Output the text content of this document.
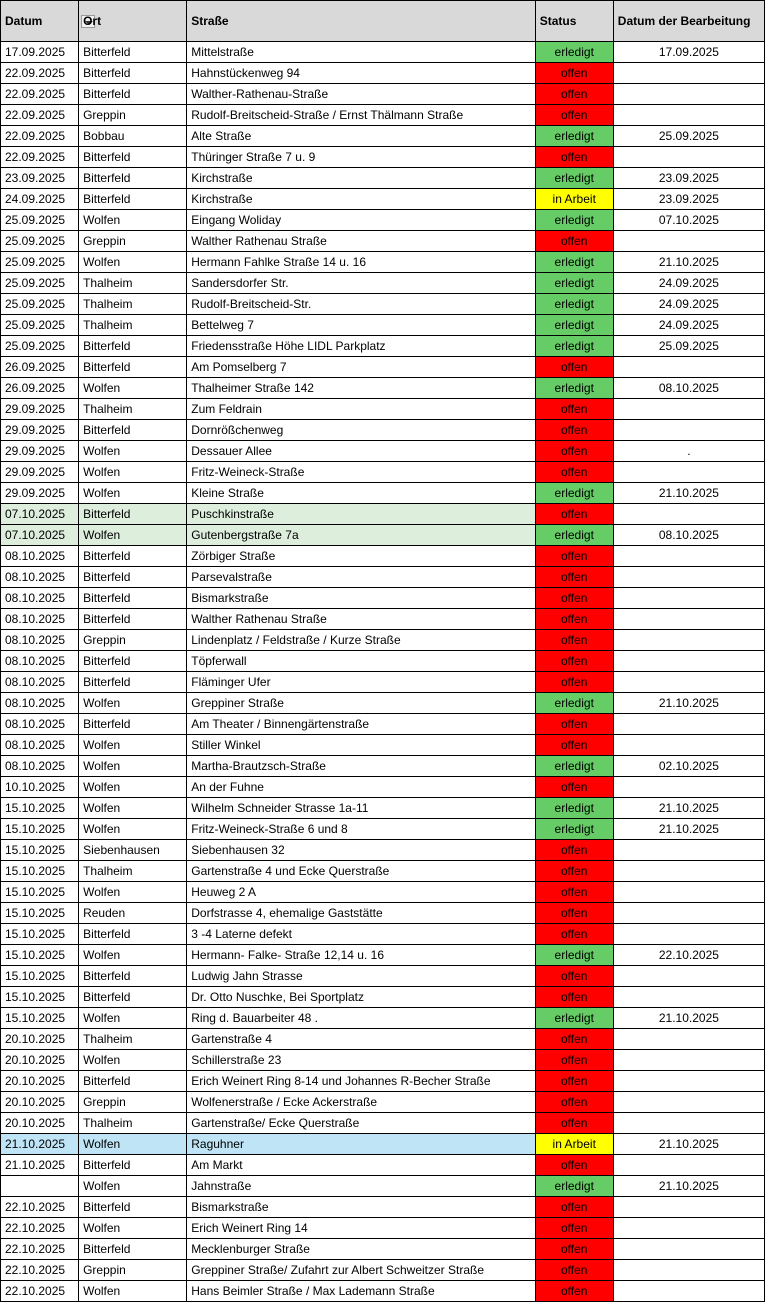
Datum	Ort	Straße	Status	Datum der Bearbeitung
17.09.2025	Bitterfeld	Mittelstraße	erledigt	17.09.2025
22.09.2025	Bitterfeld	Hahnstückenweg 94	offen	
22.09.2025	Bitterfeld	Walther-Rathenau-Straße	offen	
22.09.2025	Greppin	Rudolf-Breitscheid-Straße / Ernst Thälmann Straße	offen	
22.09.2025	Bobbau	Alte Straße	erledigt	25.09.2025
22.09.2025	Bitterfeld	Thüringer Straße 7 u. 9	offen	
23.09.2025	Bitterfeld	Kirchstraße	erledigt	23.09.2025
24.09.2025	Bitterfeld	Kirchstraße	in Arbeit	23.09.2025
25.09.2025	Wolfen	Eingang Woliday	erledigt	07.10.2025
25.09.2025	Greppin	Walther Rathenau Straße	offen	
25.09.2025	Wolfen	Hermann Fahlke Straße 14 u. 16	erledigt	21.10.2025
25.09.2025	Thalheim	Sandersdorfer Str.	erledigt	24.09.2025
25.09.2025	Thalheim	Rudolf-Breitscheid-Str.	erledigt	24.09.2025
25.09.2025	Thalheim	Bettelweg 7	erledigt	24.09.2025
25.09.2025	Bitterfeld	Friedensstraße Höhe LIDL Parkplatz	erledigt	25.09.2025
26.09.2025	Bitterfeld	Am Pomselberg 7	offen	
26.09.2025	Wolfen	Thalheimer Straße 142	erledigt	08.10.2025
29.09.2025	Thalheim	Zum Feldrain	offen	
29.09.2025	Bitterfeld	Dornrößchenweg	offen	
29.09.2025	Wolfen	Dessauer Allee	offen	.
29.09.2025	Wolfen	Fritz-Weineck-Straße	offen	
29.09.2025	Wolfen	Kleine Straße	erledigt	21.10.2025
07.10.2025	Bitterfeld	Puschkinstraße	offen	
07.10.2025	Wolfen	Gutenbergstraße 7a	erledigt	08.10.2025
08.10.2025	Bitterfeld	Zörbiger Straße	offen	
08.10.2025	Bitterfeld	Parsevalstraße	offen	
08.10.2025	Bitterfeld	Bismarkstraße	offen	
08.10.2025	Bitterfeld	Walther Rathenau Straße	offen	
08.10.2025	Greppin	Lindenplatz / Feldstraße / Kurze Straße	offen	
08.10.2025	Bitterfeld	Töpferwall	offen	
08.10.2025	Bitterfeld	Fläminger Ufer	offen	
08.10.2025	Wolfen	Greppiner Straße	erledigt	21.10.2025
08.10.2025	Bitterfeld	Am Theater / Binnengärtenstraße	offen	
08.10.2025	Wolfen	Stiller Winkel	offen	
08.10.2025	Wolfen	Martha-Brautzsch-Straße	erledigt	02.10.2025
10.10.2025	Wolfen	An der Fuhne	offen	
15.10.2025	Wolfen	Wilhelm Schneider Strasse 1a-11	erledigt	21.10.2025
15.10.2025	Wolfen	Fritz-Weineck-Straße 6 und 8	erledigt	21.10.2025
15.10.2025	Siebenhausen	Siebenhausen 32	offen	
15.10.2025	Thalheim	Gartenstraße 4 und Ecke Querstraße	offen	
15.10.2025	Wolfen	Heuweg 2 A	offen	
15.10.2025	Reuden	Dorfstrasse 4, ehemalige Gaststätte	offen	
15.10.2025	Bitterfeld	3 -4 Laterne defekt	offen	
15.10.2025	Wolfen	Hermann- Falke- Straße 12,14 u. 16	erledigt	22.10.2025
15.10.2025	Bitterfeld	Ludwig Jahn Strasse	offen	
15.10.2025	Bitterfeld	Dr. Otto Nuschke, Bei Sportplatz	offen	
15.10.2025	Wolfen	Ring d. Bauarbeiter 48 .	erledigt	21.10.2025
20.10.2025	Thalheim	Gartenstraße 4	offen	
20.10.2025	Wolfen	Schillerstraße 23	offen	
20.10.2025	Bitterfeld	Erich Weinert Ring 8-14 und Johannes R-Becher Straße	offen	
20.10.2025	Greppin	Wolfenerstraße / Ecke Ackerstraße	offen	
20.10.2025	Thalheim	Gartenstraße/ Ecke Querstraße	offen	
21.10.2025	Wolfen	Raguhner	in Arbeit	21.10.2025
21.10.2025	Bitterfeld	Am Markt	offen	
	Wolfen	Jahnstraße	erledigt	21.10.2025
22.10.2025	Bitterfeld	Bismarkstraße	offen	
22.10.2025	Wolfen	Erich Weinert Ring 14	offen	
22.10.2025	Bitterfeld	Mecklenburger Straße	offen	
22.10.2025	Greppin	Greppiner Straße/ Zufahrt zur Albert Schweitzer Straße	offen	
22.10.2025	Wolfen	Hans Beimler Straße / Max Lademann Straße	offen	
